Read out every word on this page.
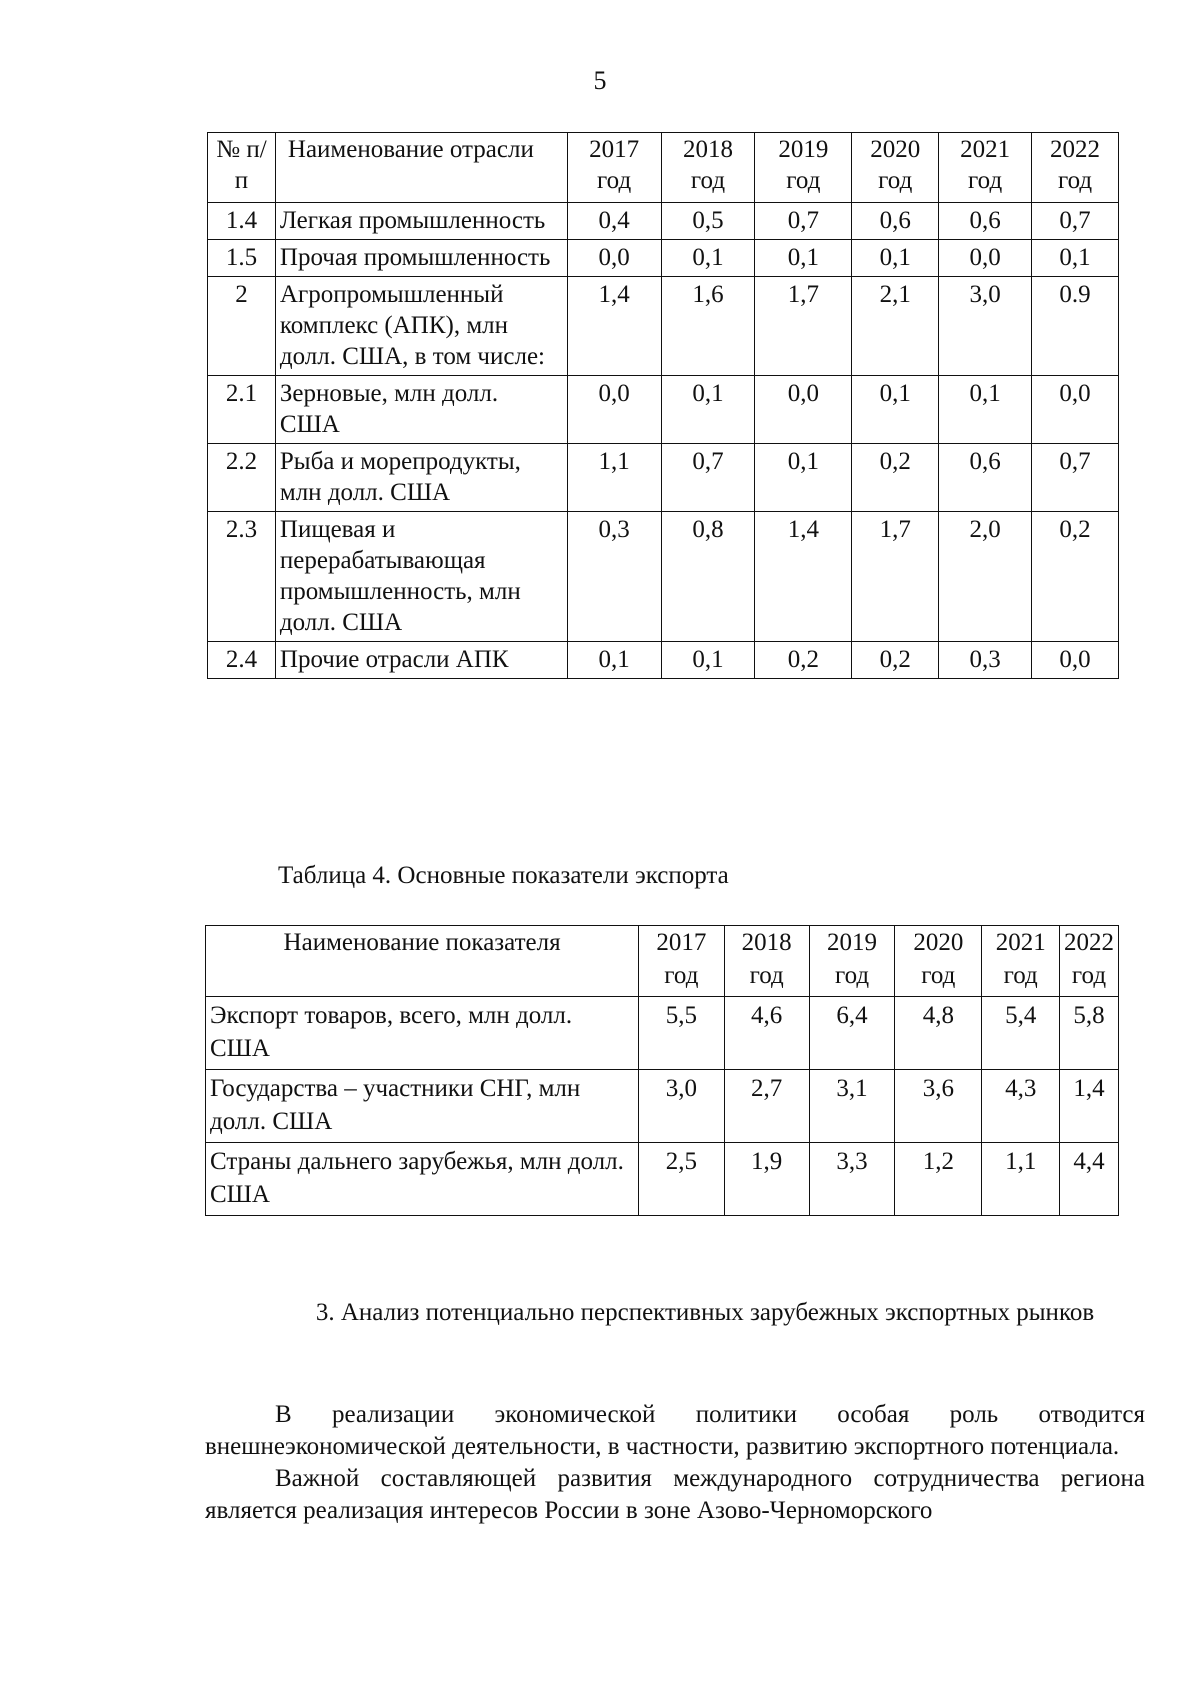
5
№ п/п	Наименование отрасли	2017 год	2018 год	2019 год	2020 год	2021 год	2022 год
1.4	Легкая промышленность	0,4	0,5	0,7	0,6	0,6	0,7
1.5	Прочая промышленность	0,0	0,1	0,1	0,1	0,0	0,1
2	Агропромышленный комплекс (АПК), млн долл. США, в том числе:	1,4	1,6	1,7	2,1	3,0	0.9
2.1	Зерновые, млн долл. США	0,0	0,1	0,0	0,1	0,1	0,0
2.2	Рыба и морепродукты, млн долл. США	1,1	0,7	0,1	0,2	0,6	0,7
2.3	Пищевая и перерабатывающая промышленность, млн долл. США	0,3	0,8	1,4	1,7	2,0	0,2
2.4	Прочие отрасли АПК	0,1	0,1	0,2	0,2	0,3	0,0
Таблица 4. Основные показатели экспорта
Наименование показателя	2017 год	2018 год	2019 год	2020 год	2021 год	2022 год
Экспорт товаров, всего, млн долл. США	5,5	4,6	6,4	4,8	5,4	5,8
Государства – участники СНГ, млн долл. США	3,0	2,7	3,1	3,6	4,3	1,4
Страны дальнего зарубежья, млн долл. США	2,5	1,9	3,3	1,2	1,1	4,4
3. Анализ потенциально перспективных зарубежных экспортных рынков

В реализации экономической политики особая роль отводится внешнеэкономической деятельности, в частности, развитию экспортного потенциала.

Важной составляющей развития международного сотрудничества региона является реализация интересов России в зоне Азово-Черноморского
